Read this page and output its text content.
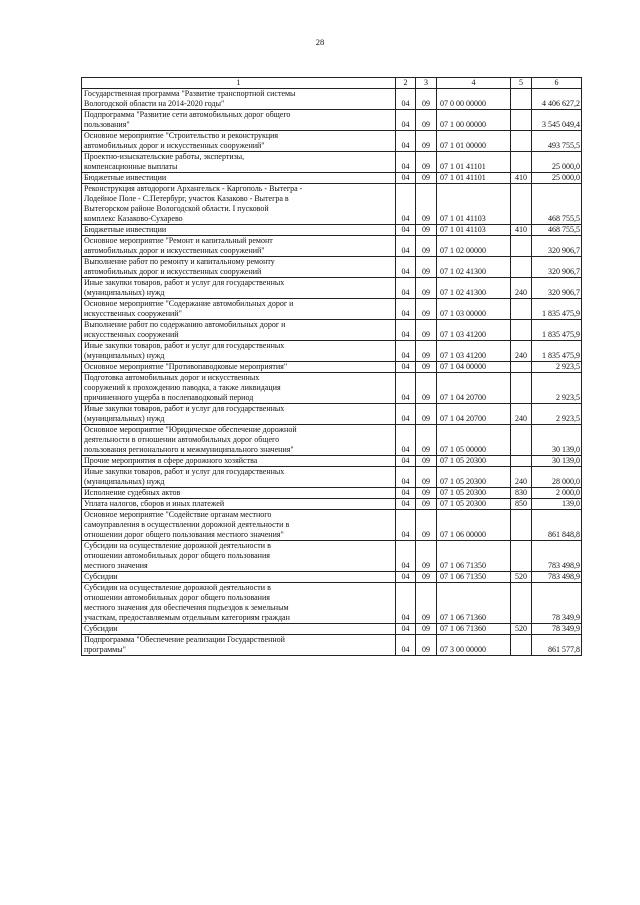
28
1	2	3	4	5	6
Государственная программа "Развитие транспортной системы
Вологодской области на 2014-2020 годы"	04	09	07 0 00 00000		4 406 627,2
Подпрограмма "Развитие сети автомобильных дорог общего
пользования"	04	09	07 1 00 00000		3 545 049,4
Основное мероприятие "Строительство и реконструкция
автомобильных дорог и искусственных сооружений"	04	09	07 1 01 00000		493 755,5
Проектно-изыскательские работы, экспертизы,
компенсационные выплаты	04	09	07 1 01 41101		25 000,0
Бюджетные инвестиции	04	09	07 1 01 41101	410	25 000,0
Реконструкция автодороги Архангельск - Каргополь - Вытегра -
Лодейное Поле - С.Петербург, участок Казаково - Вытегра в
Вытегорском районе Вологодской области. I пусковой
комплекс Казаково-Сухарево	04	09	07 1 01 41103		468 755,5
Бюджетные инвестиции	04	09	07 1 01 41103	410	468 755,5
Основное мероприятие "Ремонт и капитальный ремонт
автомобильных дорог и искусственных сооружений"	04	09	07 1 02 00000		320 906,7
Выполнение работ по ремонту и капитальному ремонту
автомобильных дорог и искусственных сооружений	04	09	07 1 02 41300		320 906,7
Иные закупки товаров, работ и услуг для государственных
(муниципальных) нужд	04	09	07 1 02 41300	240	320 906,7
Основное мероприятие "Содержание автомобильных дорог и
искусственных сооружений"	04	09	07 1 03 00000		1 835 475,9
Выполнение работ по содержанию автомобильных дорог и
искусственных сооружений	04	09	07 1 03 41200		1 835 475,9
Иные закупки товаров, работ и услуг для государственных
(муниципальных) нужд	04	09	07 1 03 41200	240	1 835 475,9
Основное мероприятие "Противопаводковые мероприятия"	04	09	07 1 04 00000		2 923,5
Подготовка автомобильных дорог и искусственных
сооружений к прохождению паводка, а также ликвидация
причиненного ущерба в послепаводковый период	04	09	07 1 04 20700		2 923,5
Иные закупки товаров, работ и услуг для государственных
(муниципальных) нужд	04	09	07 1 04 20700	240	2 923,5
Основное мероприятие "Юридическое обеспечение дорожной
деятельности в отношении автомобильных дорог общего
пользования регионального и межмуниципального значения"	04	09	07 1 05 00000		30 139,0
Прочие мероприятия в сфере дорожного хозяйства	04	09	07 1 05 20300		30 139,0
Иные закупки товаров, работ и услуг для государственных
(муниципальных) нужд	04	09	07 1 05 20300	240	28 000,0
Исполнение судебных актов	04	09	07 1 05 20300	830	2 000,0
Уплата налогов, сборов и иных платежей	04	09	07 1 05 20300	850	139,0
Основное мероприятие "Содействие органам местного
самоуправления в осуществлении дорожной деятельности в
отношении дорог общего пользования местного значения"	04	09	07 1 06 00000		861 848,8
Субсидии на осуществление дорожной деятельности в
отношении автомобильных дорог общего пользования
местного значения	04	09	07 1 06 71350		783 498,9
Субсидии	04	09	07 1 06 71350	520	783 498,9
Субсидии на осуществление дорожной деятельности в
отношении автомобильных дорог общего пользования
местного значения для обеспечения подъездов к земельным
участкам, предоставляемым отдельным категориям граждан	04	09	07 1 06 71360		78 349,9
Субсидии	04	09	07 1 06 71360	520	78 349,9
Подпрограмма "Обеспечение реализации Государственной
программы"	04	09	07 3 00 00000		861 577,8
